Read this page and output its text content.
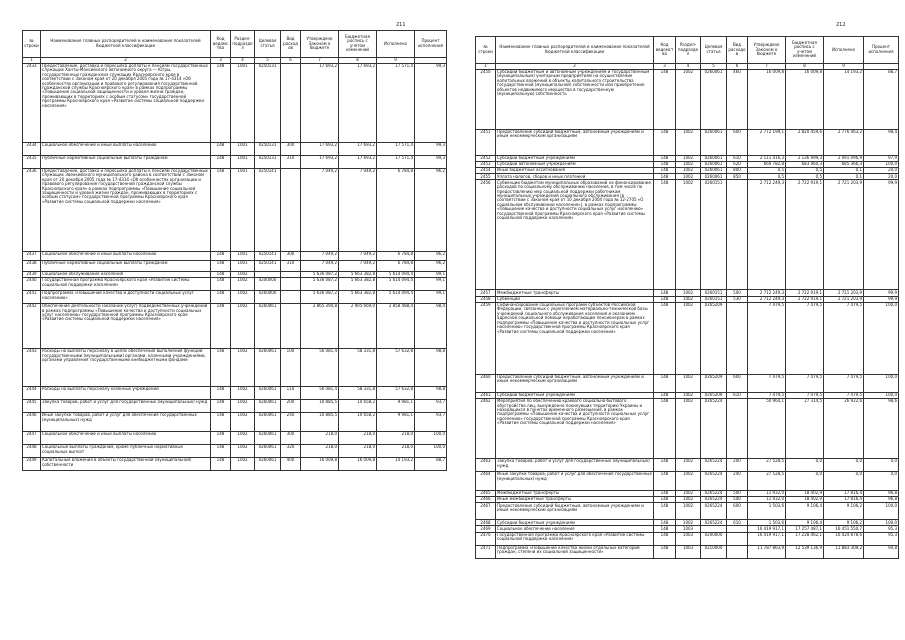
211
№ строки	Наименование главных распорядителей и наименование показателей бюджетной классификации	Код ведомства	Раздел-подраздел	Целевая статья	Вид расходов	Утверждено Законом о бюджете	Бюджетная роспись с учетом изменений	Исполнено	Процент исполнения
1	2	3	4	5	6	7	8	9	
2433	Предоставление, доставка и пересылка доплаты к пенсиям государственных служащих Ханты-Мансийского автономного округа — Югры, государственных гражданских служащих Красноярского края в соответствии с Законом края от 20 декабря 2005 года № 17-4314 «Об особенностях организации и правового регулирования государственной гражданской службы Красноярского края» в рамках подпрограммы «Повышение социальной защищенности и уровня жизни граждан, проживающих в территориях с особым статусом» государственной программы Красноярского края «Развитие системы социальной поддержки населения»	148	1001	0250131		17 693,2	17 693,2	17 571,4	99,3
2434	Социальное обеспечение и иные выплаты населению	148	1001	0250131	300	17 693,2	17 693,2	17 571,4	99,3
2435	Публичные нормативные социальные выплаты гражданам	148	1001	0250131	310	17 693,2	17 693,2	17 571,4	99,3
2436	Предоставление, доставка и пересылка доплаты к пенсиям государственных служащих Эвенкийского муниципального района в соответствии с Законом края от 20 декабря 2005 года № 17-4314 «Об особенностях организации и правового регулирования государственной гражданской службы Красноярского края» в рамках подпрограммы «Повышение социальной защищенности и уровня жизни граждан, проживающих в территориях с особым статусом» государственной программы Красноярского края «Развитие системы социальной поддержки населения»	148	1001	0250141		7 049,2	7 049,2	6 784,8	96,2
2437	Социальное обеспечение и иные выплаты населению	148	1001	0250141	300	7 049,2	7 049,2	6 784,8	96,2
2438	Публичные нормативные социальные выплаты гражданам	148	1001	0250141	310	7 049,2	7 049,2	6 784,8	96,2
2439	Социальное обслуживание населения	148	1002			5 636 087,2	5 663 382,8	5 614 094,4	99,1
2440	Государственная программа Красноярского края «Развитие системы социальной поддержки населения»	148	1002	0200000		5 636 087,2	5 663 382,8	5 614 094,4	99,1
2441	Подпрограмма «Повышение качества и доступности социальных услуг населению»	148	1002	0260000		5 636 087,2	5 663 382,8	5 614 094,4	99,1
2442	Обеспечение деятельности (оказание услуг) подведомственных учреждений в рамках подпрограммы «Повышение качества и доступности социальных услуг населению» государственной программы Красноярского края «Развитие системы социальной поддержки населения»	148	1002	0260061		2 865 394,8	2 905 669,0	2 858 488,4	98,4
2443	Расходы на выплаты персоналу в целях обеспечения выполнения функций государственными (муниципальными) органами, казенными учреждениями, органами управления государственными внебюджетными фондами	148	1002	0260061	100	56 081,4	58 331,8	57 632,8	98,8
2444	Расходы на выплаты персоналу казенных учреждений	148	1002	0260061	110	56 081,4	58 331,8	57 632,8	98,8
2445	Закупка товаров, работ и услуг для государственных (муниципальных) нужд	148	1002	0260061	200	10 885,5	10 658,2	9 981,1	93,7
2446	Иные закупки товаров, работ и услуг для обеспечения государственных (муниципальных) нужд	148	1002	0260061	240	10 885,5	10 658,2	9 981,1	93,7
2447	Социальное обеспечение и иные выплаты населению	148	1002	0260061	300	218,0	218,0	218,0	100,0
2448	Социальные выплаты гражданам, кроме публичных нормативных социальных выплат	148	1002	0260061	320	218,0	218,0	218,0	100,0
2449	Капитальные вложения в объекты государственной (муниципальной) собственности	148	1002	0260061	400	16 009,8	16 009,8	14 193,2	88,7
212
№ строки	Наименование главных распорядителей и наименование показателей бюджетной классификации	Код ведомства	Раздел-подраздел	Целевая статья	Вид расходов	Утверждено Законом о бюджете	Бюджетная роспись с учетом изменений	Исполнено	Процент исполнения
1	2	3	4	5	6	7	8	9	
2450	Субсидии бюджетным и автономным учреждениям и государственным (муниципальным) унитарным предприятиям на осуществление капитальных вложений в объекты капитального строительства государственной (муниципальной) собственности или приобретение объектов недвижимого имущества в государственную (муниципальную) собственность	148	1002	0260061	460	16 009,8	16 009,8	14 193,2	88,7
2451	Предоставление субсидий бюджетным, автономным учреждениям и иным некоммерческим организациям	148	1002	0260061	600	2 772 199,1	2 820 459,6	2 776 463,2	98,4
2452	Субсидии бюджетным учреждениям	148	1002	0260061	610	2 111 416,3	2 136 999,3	2 091 096,9	97,9
2453	Субсидии автономным учреждениям	148	1002	0260061	620	660 782,8	683 460,3	685 366,3	100,0
2454	Иные бюджетные ассигнования	148	1002	0260061	800	0,5	0,5	0,1	20,0
2455	Уплата налогов, сборов и иных платежей	148	1002	0260061	850	0,5	0,5	0,1	20,0
2456	Субвенции бюджетам муниципальных образований на финансирование расходов по социальному обслуживанию населения, в том числе по предоставлению мер социальной поддержки работникам муниципальных учреждений социального обслуживания (в соответствии с Законом края от 10 декабря 2004 года № 12-2705 «О социальном обслуживании населения»), в рамках подпрограммы «Повышение качества и доступности социальных услуг населению» государственной программы Красноярского края «Развитие системы социальной поддержки населения»	148	1002	0260151		2 712 249,3	2 722 919,1	2 721 203,9	99,9
2457	Межбюджетные трансферты	148	1002	0260151	500	2 712 249,3	2 722 919,1	2 721 203,9	99,9
2458	Субвенции	148	1002	0260151	530	2 712 249,3	2 722 919,1	2 721 203,9	99,9
2459	Софинансирование социальных программ субъектов Российской Федерации, связанных с укреплением материально-технической базы учреждений социального обслуживания населения и оказанием адресной социальной помощи неработающим пенсионерам в рамках подпрограммы «Повышение качества и доступности социальных услуг населению» государственной программы Красноярского края «Развитие системы социальной поддержки населения»	148	1002	0265209		7 479,5	7 479,5	7 479,5	100,0
2460	Предоставление субсидий бюджетным, автономным учреждениям и иным некоммерческим организациям	148	1002	0265209	600	7 479,5	7 479,5	7 479,5	100,0
2461	Субсидии бюджетным учреждениям	148	1002	0265209	610	7 479,5	7 479,5	7 479,5	100,0
2462	Мероприятия по обеспечению краевого социально-бытового обустройства лиц, вынужденно покинувших территорию Украины и находящихся в пунктах временного размещения, в рамках подпрограммы «Повышение качества и доступности социальных услуг населению» государственной программы Красноярского края «Развитие системы социальной поддержки населения»	148	1002	0265224		50 964,1	27 314,5	26 922,6	98,6
2463	Закупка товаров, работ и услуг для государственных (муниципальных) нужд	148	1002	0265224	200	27 528,5	0,0	0,0	0,0
2464	Иные закупки товаров, работ и услуг для обеспечения государственных (муниципальных) нужд	148	1002	0265224	240	27 528,5	0,0	0,0	0,0
2465	Межбюджетные трансферты	148	1002	0265224	500	11 932,0	18 402,9	17 816,4	96,8
2466	Иные межбюджетные трансферты	148	1002	0265224	540	11 932,0	18 402,9	17 816,4	96,8
2467	Предоставление субсидий бюджетным, автономным учреждениям и иным некоммерческим организациям	148	1002	0265224	600	1 503,6	9 106,4	9 106,2	100,0
2468	Субсидии бюджетным учреждениям	148	1002	0265224	610	1 503,6	9 106,4	9 106,2	100,0
2469	Социальное обеспечение населения	148	1003			16 419 917,1	17 257 487,1	16 451 550,7	95,3
2470	Государственная программа Красноярского края «Развитие системы социальной поддержки населения»	148	1003	0200000		16 419 917,1	17 228 462,1	16 424 878,6	95,3
2471	Подпрограмма «Повышение качества жизни отдельных категорий граждан, степени их социальной защищенности»	148	1003	0210000		11 787 863,9	12 539 136,9	11 883 309,2	94,8
